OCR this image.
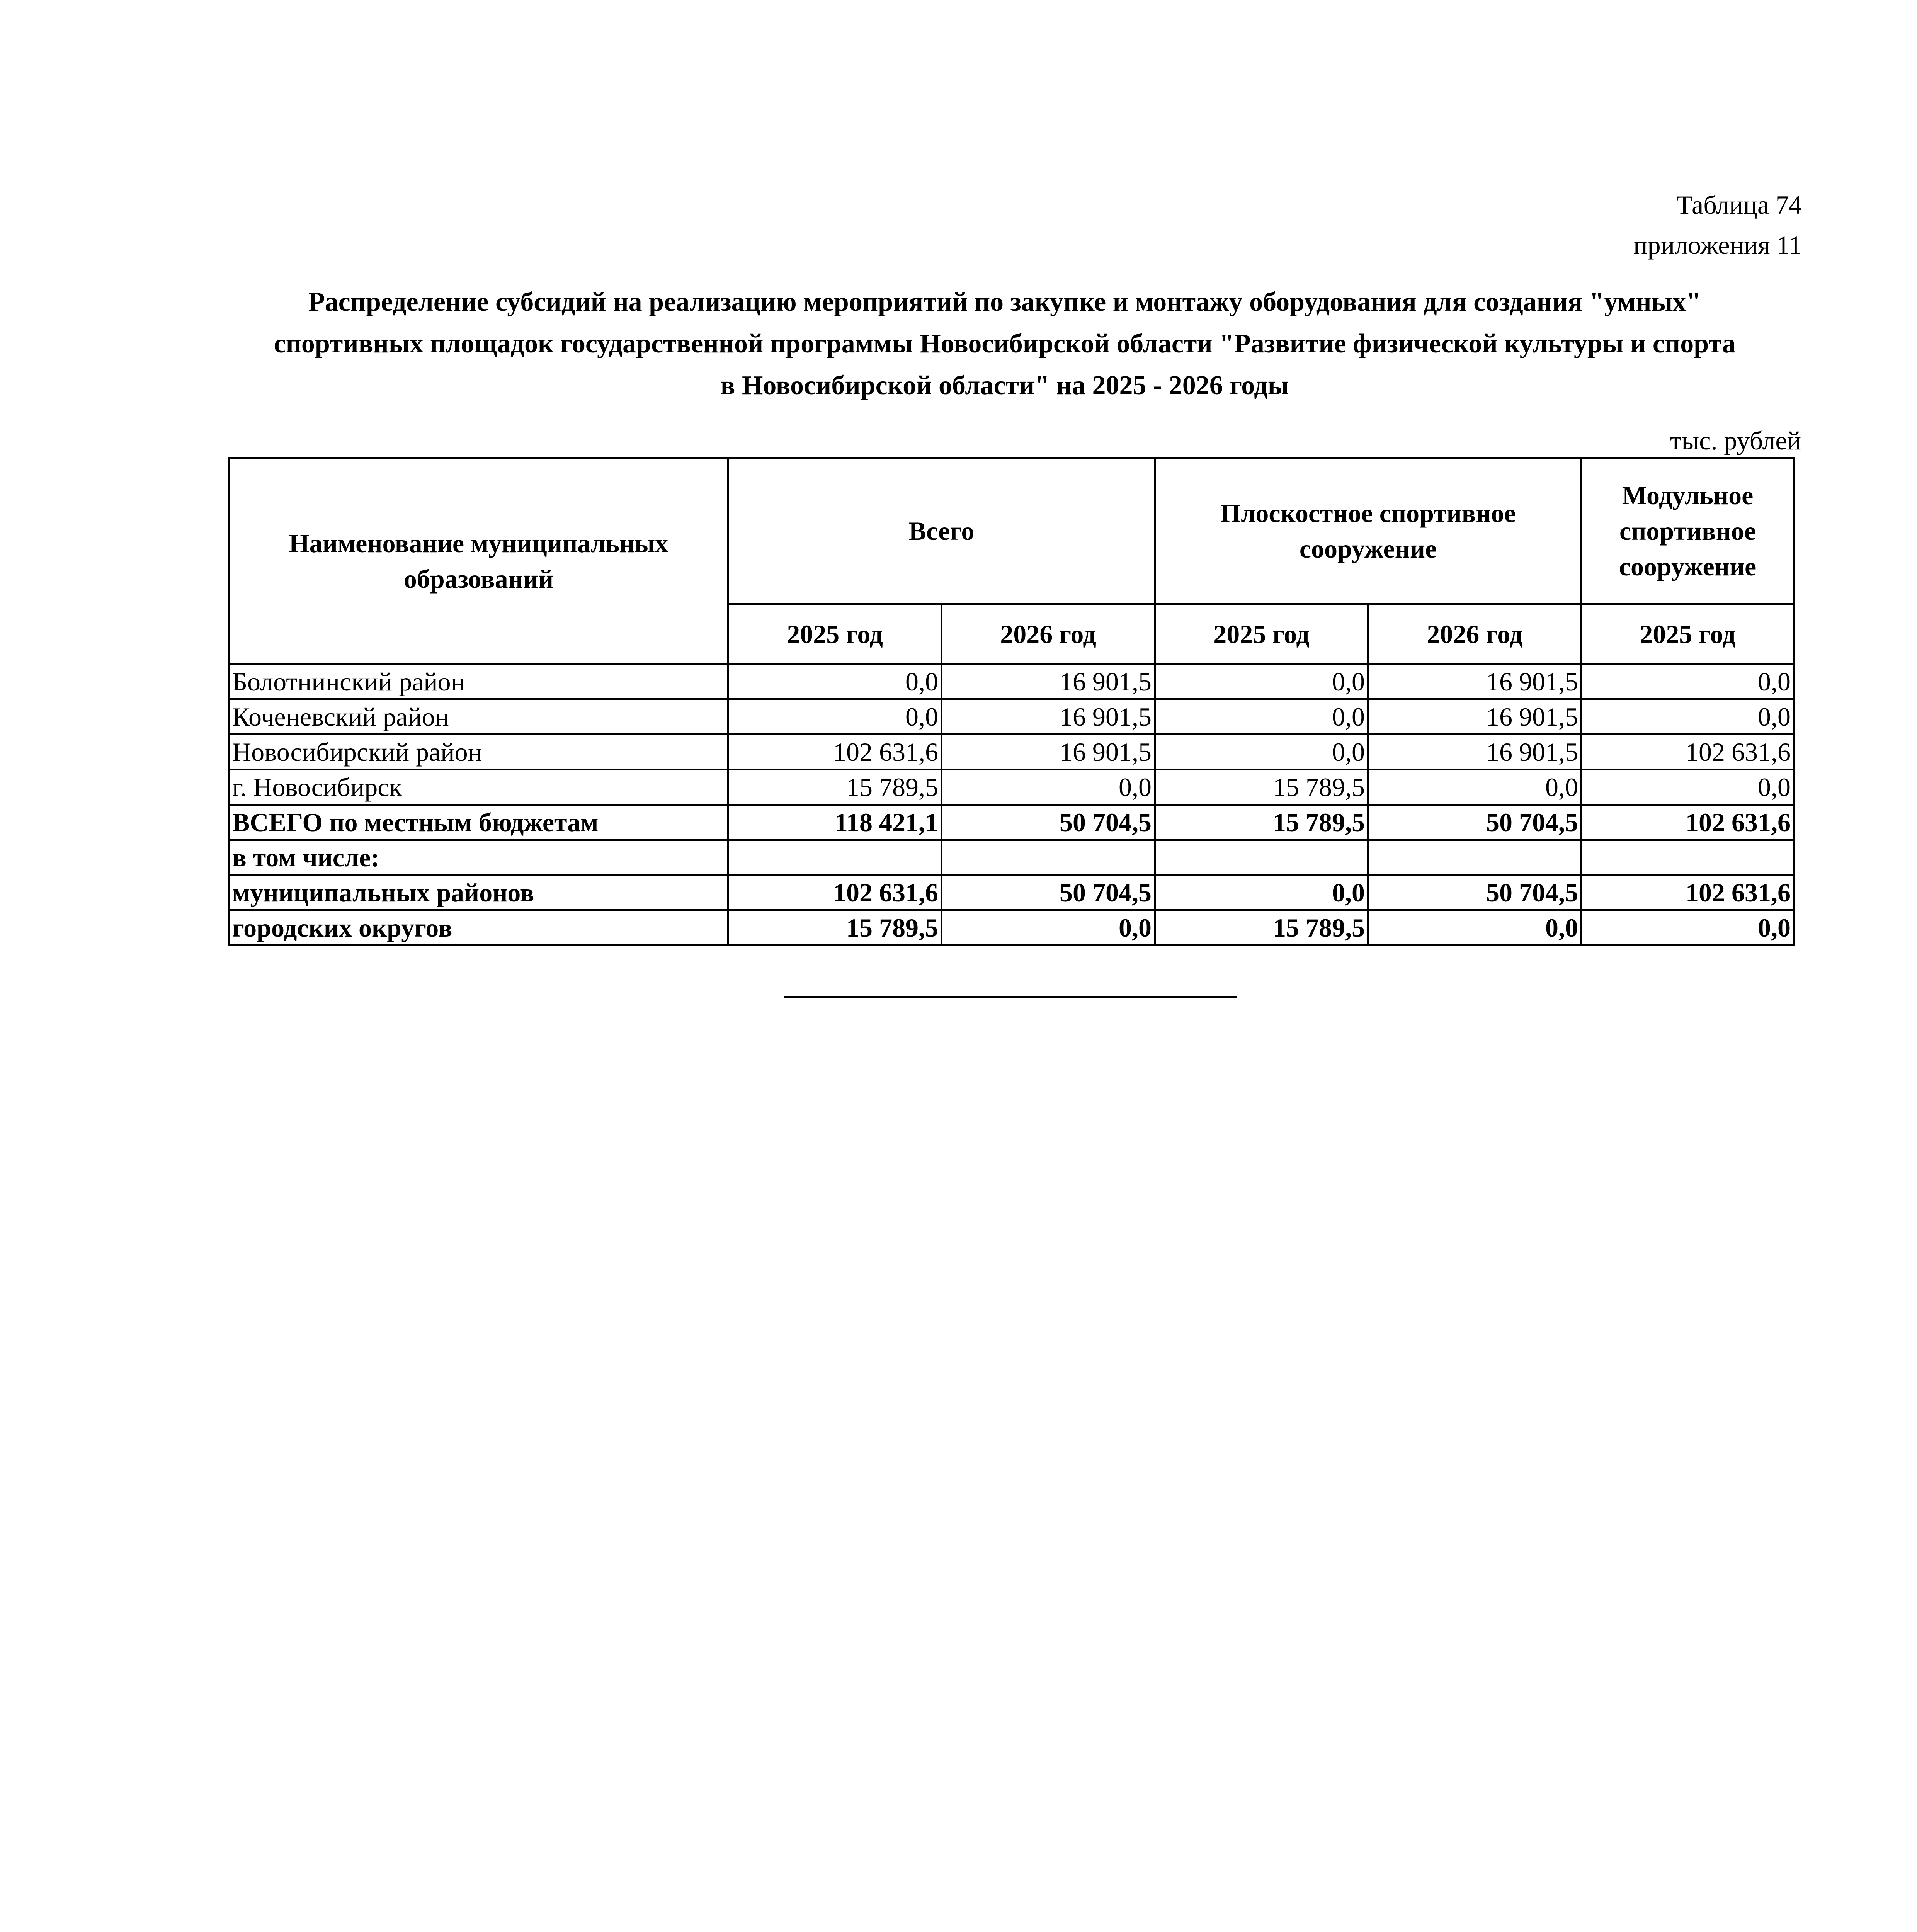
Таблица 74
приложения 11
Распределение субсидий на реализацию мероприятий по закупке и монтажу оборудования для создания "умных"
спортивных площадок государственной программы Новосибирской области "Развитие физической культуры и спорта
в Новосибирской области" на 2025 - 2026 годы
тыс. рублей
Наименование муниципальных образований	Всего		Плоскостное спортивное сооружение		Модульное спортивное сооружение
	2025 год	2026 год	2025 год	2026 год	2025 год
Болотнинский район	0,0	16 901,5	0,0	16 901,5	0,0
Коченевский район	0,0	16 901,5	0,0	16 901,5	0,0
Новосибирский район	102 631,6	16 901,5	0,0	16 901,5	102 631,6
г. Новосибирск	15 789,5	0,0	15 789,5	0,0	0,0
ВСЕГО по местным бюджетам	118 421,1	50 704,5	15 789,5	50 704,5	102 631,6
в том числе:					
муниципальных районов	102 631,6	50 704,5	0,0	50 704,5	102 631,6
городских округов	15 789,5	0,0	15 789,5	0,0	0,0
